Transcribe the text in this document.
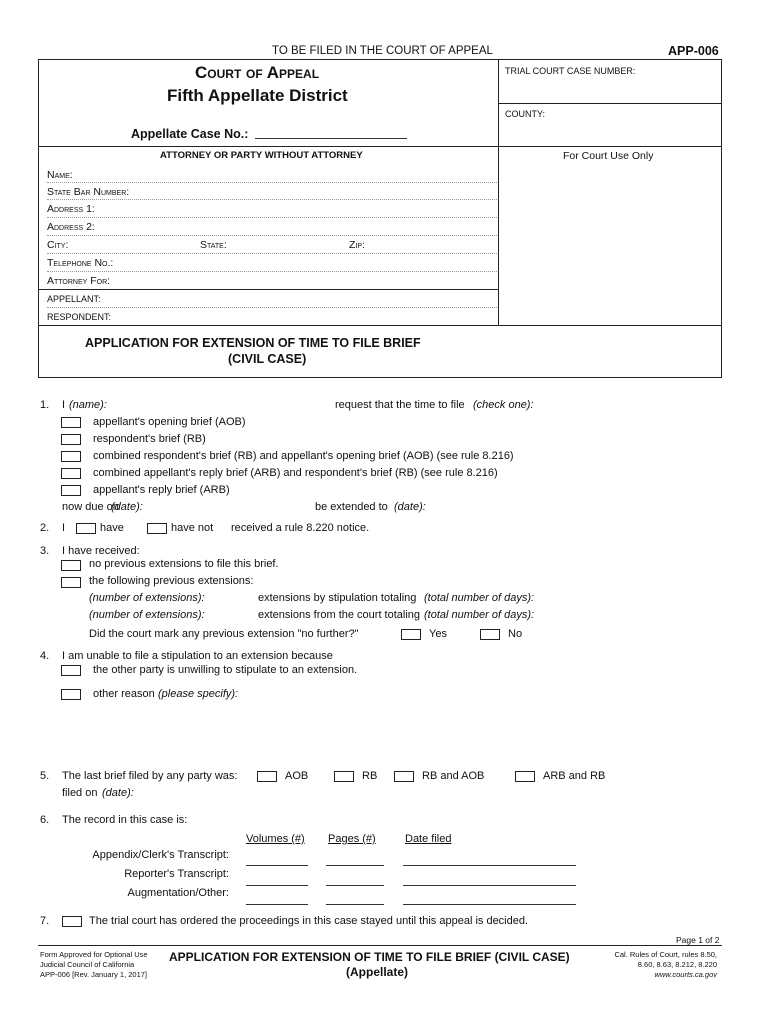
TO BE FILED IN THE COURT OF APPEAL	APP-006
Court of Appeal
Fifth Appellate District
Appellate Case No.:
TRIAL COURT CASE NUMBER:
COUNTY:
ATTORNEY OR PARTY WITHOUT ATTORNEY	For Court Use Only
Name:
State Bar Number:
Address 1:
Address 2:
City:	State:	Zip:
Telephone No.:
Attorney For:
APPELLANT:
RESPONDENT:
APPLICATION FOR EXTENSION OF TIME TO FILE BRIEF
(CIVIL CASE)
1. I (name):	request that the time to file (check one):
appellant's opening brief (AOB)
respondent's brief (RB)
combined respondent's brief (RB) and appellant's opening brief (AOB) (see rule 8.216)
combined appellant's reply brief (ARB) and respondent's brief (RB) (see rule 8.216)
appellant's reply brief (ARB)
now due on
(date):	be extended to (date):
2. I	have	have not received a rule 8.220 notice.
3. I have received:
no previous extensions to file this brief.
the following previous extensions:
(number of extensions):	extensions by stipulation totaling (total number of days):
(number of extensions):	extensions from the court totaling (total number of days):
Did the court mark any previous extension "no further?"	Yes	No
4. I am unable to file a stipulation to an extension because
the other party is unwilling to stipulate to an extension.
other reason (please specify):
5. The last brief filed by any party was:	AOB	RB	RB and AOB	ARB and RB
filed on (date):
6. The record in this case is:
Volumes (#) Pages (#)	Date filed
Appendix/Clerk's Transcript:
Reporter's Transcript:
Augmentation/Other:
7.	The trial court has ordered the proceedings in this case stayed until this appeal is decided.
Page 1 of 2
Form Approved for Optional Use
Judicial Council of California
APP-006 [Rev. January 1, 2017]
APPLICATION FOR EXTENSION OF TIME TO FILE BRIEF (CIVIL CASE)
(Appellate)
Cal. Rules of Court, rules 8.50,
8.60, 8.63, 8.212, 8.220
www.courts.ca.gov
